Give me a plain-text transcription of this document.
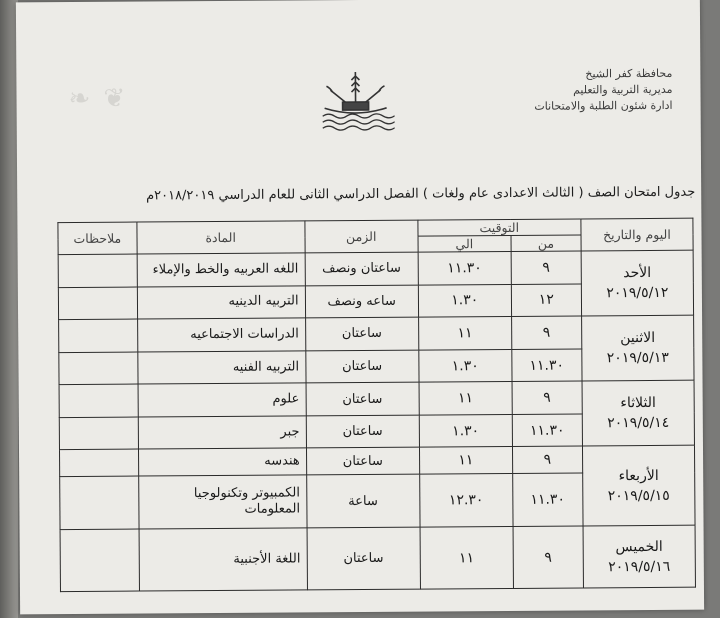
❧ ❦
محافظة كفر الشيخ
مديرية التربية والتعليم
ادارة شئون الطلبة والامتحانات
جدول امتحان الصف ( الثالث الاعدادى عام ولغات ) الفصل الدراسي الثانى للعام الدراسي ٢٠١٨/٢٠١٩م
اليوم والتاريخ	التوقيت		الزمن	المادة	ملاحظات
	من	الي			

الأحد
٢٠١٩/٥/١٢	٩	١١.٣٠	ساعتان ونصف	اللغه العربيه والخط والإملاء	
	١٢	١.٣٠	ساعه ونصف	التربيه الدينيه	

الاثنين
٢٠١٩/٥/١٣	٩	١١	ساعتان	الدراسات الاجتماعيه	
	١١.٣٠	١.٣٠	ساعتان	التربيه الفنيه	

الثلاثاء
٢٠١٩/٥/١٤	٩	١١	ساعتان	علوم	
	١١.٣٠	١.٣٠	ساعتان	جبر	

الأربعاء
٢٠١٩/٥/١٥	٩	١١	ساعتان	هندسه	
	١١.٣٠	١٢.٣٠	ساعة	الكمبيوتر وتكنولوجيا المعلومات	

الخميس
٢٠١٩/٥/١٦	٩	١١	ساعتان	اللغة الأجنبية	
